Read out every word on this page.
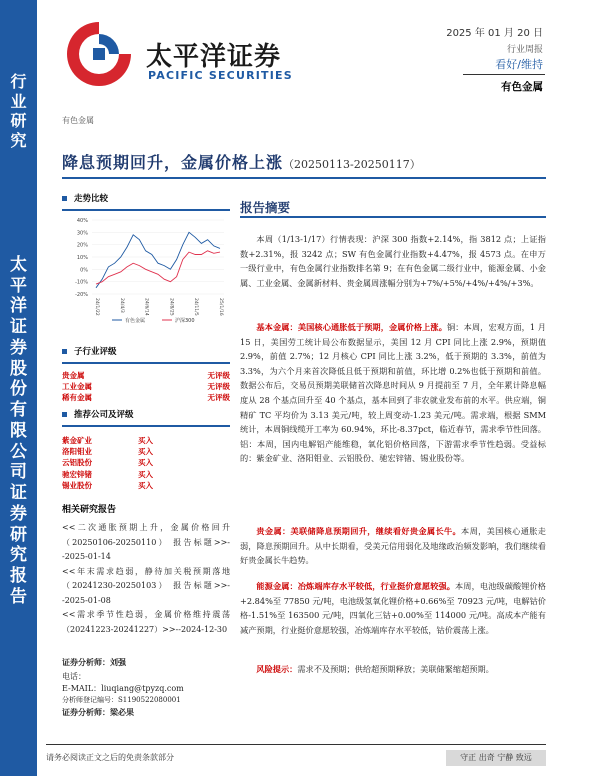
行
业
研
究
太
平
洋
证
券
股
份
有
限
公
司
证
券
研
究
报
告
太平洋证券
PACIFIC SECURITIES
2025 年 01 月 20 日
行业周报
看好/维持
有色金属
有色金属
降息预期回升，金属价格上涨（20250113-20250117）
走势比较
40%
30%
20%
10%
0%
-10%
-20%
24/1/22	24/4/3	24/6/14	24/8/25	24/11/5	25/1/16
有色金属	沪深300
子行业评级
贵金属	无评级
工业金属	无评级
稀有金属	无评级
推荐公司及评级
紫金矿业	买入
洛阳钼业	买入
云铝股份	买入
驰宏锌锗	买入
锡业股份	买入
相关研究报告
<<二次通胀预期上升，金属价格回升（20250106-20250110） 报告标题>>--2025-01-14
<<年末需求趋弱，静待加关税预期落地（20241230-20250103） 报告标题>>--2025-01-08
<<需求季节性趋弱，金属价格维持震荡（20241223-20241227）>>--2024-12-30
证券分析师：刘强
电话：
E-MAIL：liuqiang@tpyzq.com
分析师登记编号：S1190522080001
证券分析师：梁必果
报告摘要
本周（1/13-1/17）行情表现：沪深 300 指数+2.14%，指 3812 点；上证指数+2.31%，报 3242 点；SW 有色金属行业指数+4.47%，报 4573 点。在申万一级行业中，有色金属行业指数排名第 9；在有色金属二级行业中，能源金属、小金属、工业金属、金属新材料、贵金属周涨幅分别为+7%/+5%/+4%/+4%/+3%。
基本金属：美国核心通胀低于预期，金属价格上涨。铜：本周，宏观方面，1 月 15 日，美国劳工统计局公布数据显示，美国 12 月 CPI 同比上涨 2.9%，预期值 2.9%，前值 2.7%；12 月核心 CPI 同比上涨 3.2%，低于预期的 3.3%，前值为 3.3%，为六个月来首次降低且低于预期和前值，环比增 0.2%也低于预期和前值。数据公布后，交易员预期美联储首次降息时间从 9 月提前至 7 月，全年累计降息幅度从 28 个基点回升至 40 个基点，基本回到了非农就业发布前的水平。供应端，铜精矿 TC 平均价为 3.13 美元/吨，较上周变动-1.23 美元/吨。需求端，根据 SMM 统计，本周铜线缆开工率为 60.94%，环比-8.37pct，临近春节，需求季节性回落。铝：本周，国内电解铝产能维稳，氧化铝价格回落，下游需求季节性趋弱。受益标的：紫金矿业、洛阳钼业、云铝股份、驰宏锌锗、锡业股份等。
贵金属：美联储降息预期回升，继续看好贵金属长牛。本周，美国核心通胀走弱，降息预期回升。从中长期看，受美元信用弱化及地缘政治频发影响，我们继续看好贵金属长牛趋势。
能源金属：冶炼端库存水平较低，行业挺价意愿较强。本周，电池级碳酸锂价格+2.84%至 77850 元/吨，电池级氢氧化锂价格+0.66%至 70923 元/吨，电解钴价格-1.51%至 163500 元/吨，四氧化三钴+0.00%至 114000 元/吨。高成本产能有减产预期，行业挺价意愿较强，冶炼端库存水平较低，钴价震荡上涨。
风险提示：需求不及预期；供给超预期释放；美联储緊缩超预期。
请务必阅读正文之后的免责条款部分	守正 出奇 宁静 致远
